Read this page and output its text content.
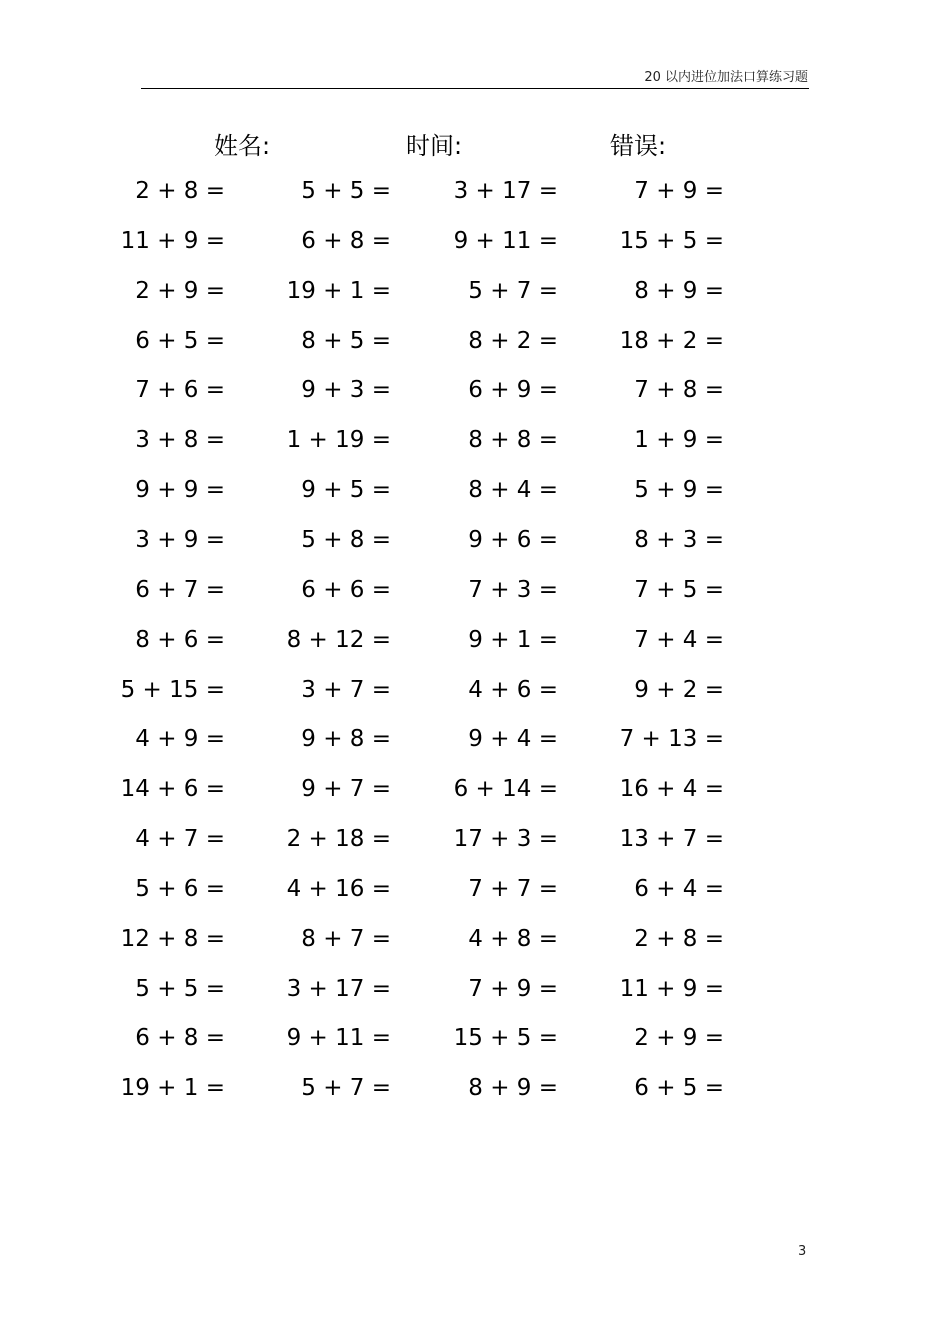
20 以内进位加法口算练习题
姓名:	时间:	错误:
2 + 8 =	5 + 5 =	3 + 17 =	7 + 9 =
11 + 9 =	6 + 8 =	9 + 11 =	15 + 5 =
2 + 9 =	19 + 1 =	5 + 7 =	8 + 9 =
6 + 5 =	8 + 5 =	8 + 2 =	18 + 2 =
7 + 6 =	9 + 3 =	6 + 9 =	7 + 8 =
3 + 8 =	1 + 19 =	8 + 8 =	1 + 9 =
9 + 9 =	9 + 5 =	8 + 4 =	5 + 9 =
3 + 9 =	5 + 8 =	9 + 6 =	8 + 3 =
6 + 7 =	6 + 6 =	7 + 3 =	7 + 5 =
8 + 6 =	8 + 12 =	9 + 1 =	7 + 4 =
5 + 15 =	3 + 7 =	4 + 6 =	9 + 2 =
4 + 9 =	9 + 8 =	9 + 4 =	7 + 13 =
14 + 6 =	9 + 7 =	6 + 14 =	16 + 4 =
4 + 7 =	2 + 18 =	17 + 3 =	13 + 7 =
5 + 6 =	4 + 16 =	7 + 7 =	6 + 4 =
12 + 8 =	8 + 7 =	4 + 8 =	2 + 8 =
5 + 5 =	3 + 17 =	7 + 9 =	11 + 9 =
6 + 8 =	9 + 11 =	15 + 5 =	2 + 9 =
19 + 1 =	5 + 7 =	8 + 9 =	6 + 5 =
3
